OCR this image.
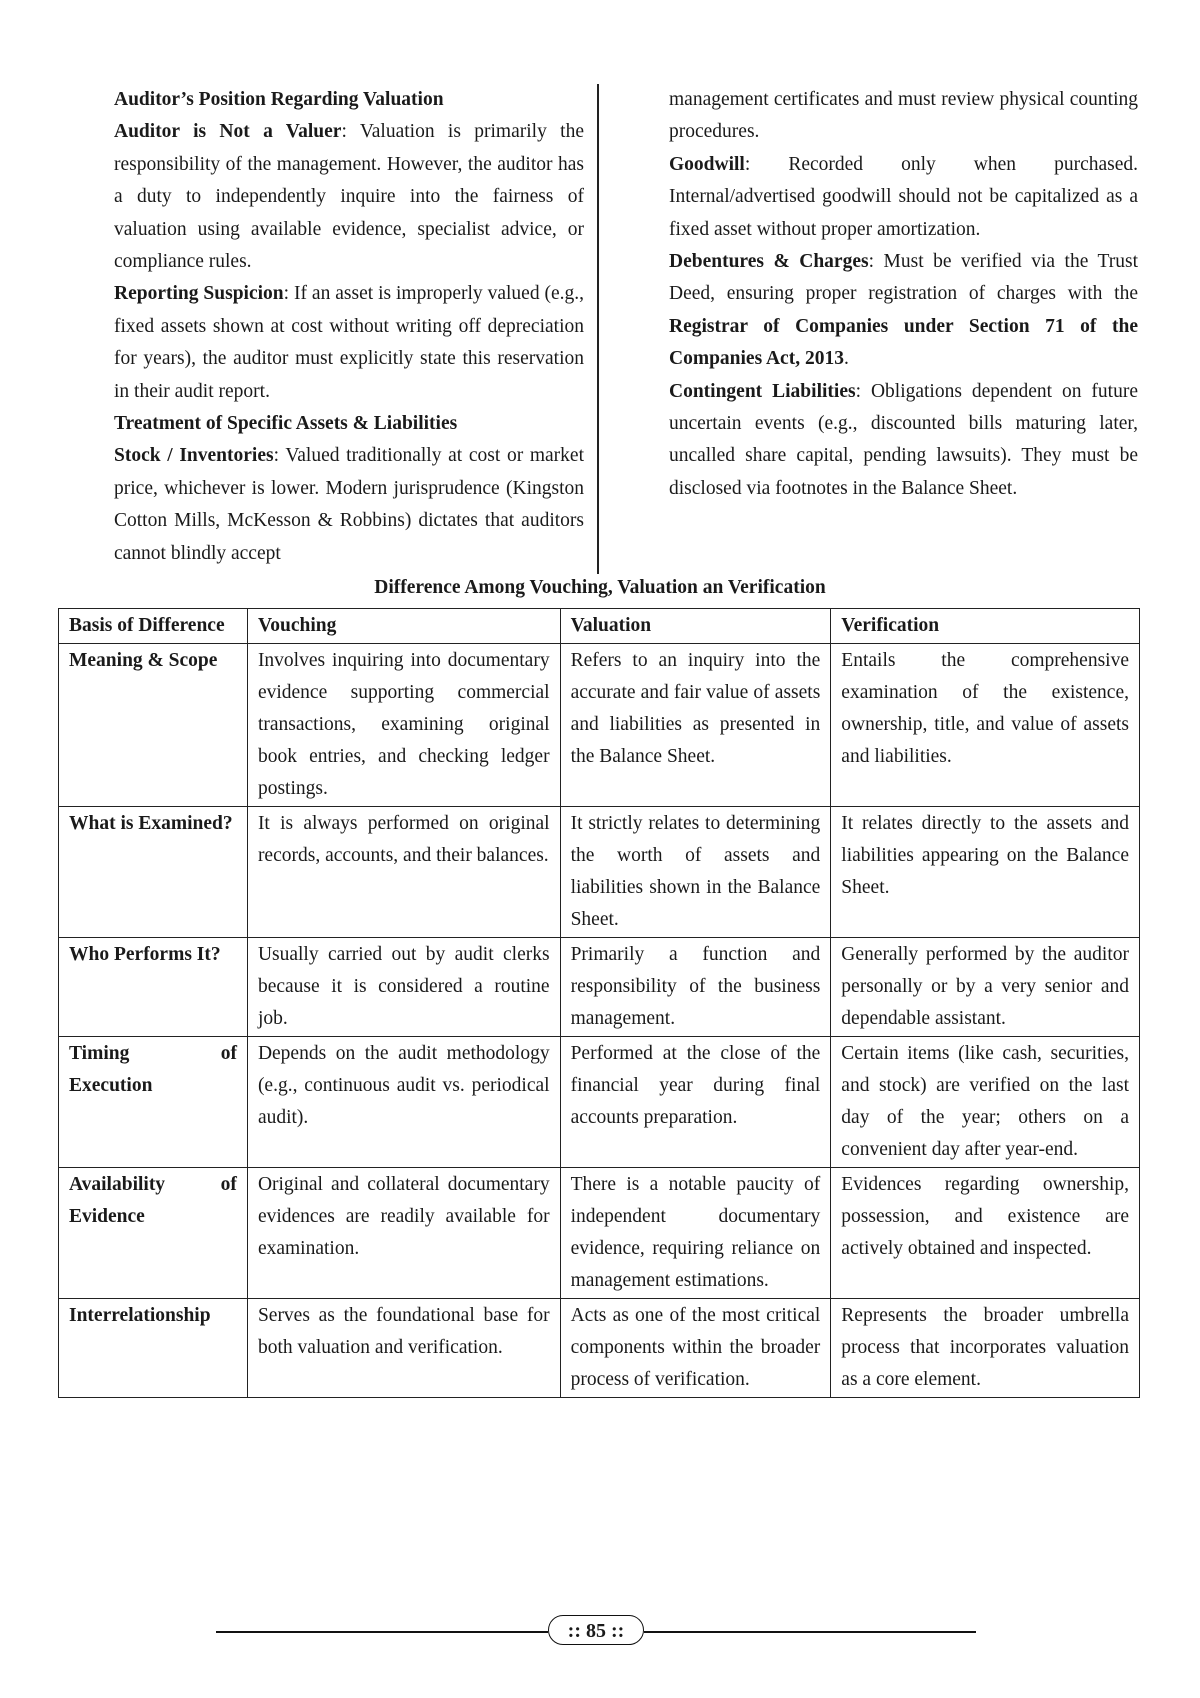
Auditor’s Position Regarding Valuation

Auditor is Not a Valuer: Valuation is primarily the responsibility of the management. However, the auditor has a duty to independently inquire into the fairness of valuation using available evidence, specialist advice, or compliance rules.

Reporting Suspicion: If an asset is improperly valued (e.g., fixed assets shown at cost without writing off depreciation for years), the auditor must explicitly state this reservation in their audit report.

Treatment of Specific Assets & Liabilities

Stock / Inventories: Valued traditionally at cost or market price, whichever is lower. Modern jurisprudence (Kingston Cotton Mills, McKesson & Robbins) dictates that auditors cannot blindly accept

management certificates and must review physical counting procedures.

Goodwill: Recorded only when purchased. Internal/advertised goodwill should not be capitalized as a fixed asset without proper amortization.

Debentures & Charges: Must be verified via the Trust Deed, ensuring proper registration of charges with the Registrar of Companies under Section 71 of the Companies Act, 2013.

Contingent Liabilities: Obligations dependent on future uncertain events (e.g., discounted bills maturing later, uncalled share capital, pending lawsuits). They must be disclosed via footnotes in the Balance Sheet.

Difference Among Vouching, Valuation an Verification
Basis of Difference	Vouching	Valuation	Verification
Meaning & Scope	Involves inquiring into documentary evidence supporting commercial transactions, examining original book entries, and checking ledger postings.	Refers to an inquiry into the accurate and fair value of assets and liabilities as presented in the Balance Sheet.	Entails the comprehensive examination of the existence, ownership, title, and value of assets and liabilities.
What is Examined?	It is always performed on original records, accounts, and their balances.	It strictly relates to determining the worth of assets and liabilities shown in the Balance Sheet.	It relates directly to the assets and liabilities appearing on the Balance Sheet.
Who Performs It?	Usually carried out by audit clerks because it is considered a routine job.	Primarily a function and responsibility of the business management.	Generally performed by the auditor personally or by a very senior and dependable assistant.
Timing of Execution	Depends on the audit methodology (e.g., continuous audit vs. periodical audit).	Performed at the close of the financial year during final accounts preparation.	Certain items (like cash, securities, and stock) are verified on the last day of the year; others on a convenient day after year-end.
Availability of Evidence	Original and collateral documentary evidences are readily available for examination.	There is a notable paucity of independent documentary evidence, requiring reliance on management estimations.	Evidences regarding ownership, possession, and existence are actively obtained and inspected.
Interrelationship	Serves as the foundational base for both valuation and verification.	Acts as one of the most critical components within the broader process of verification.	Represents the broader umbrella process that incorporates valuation as a core element.
:: 85 ::
